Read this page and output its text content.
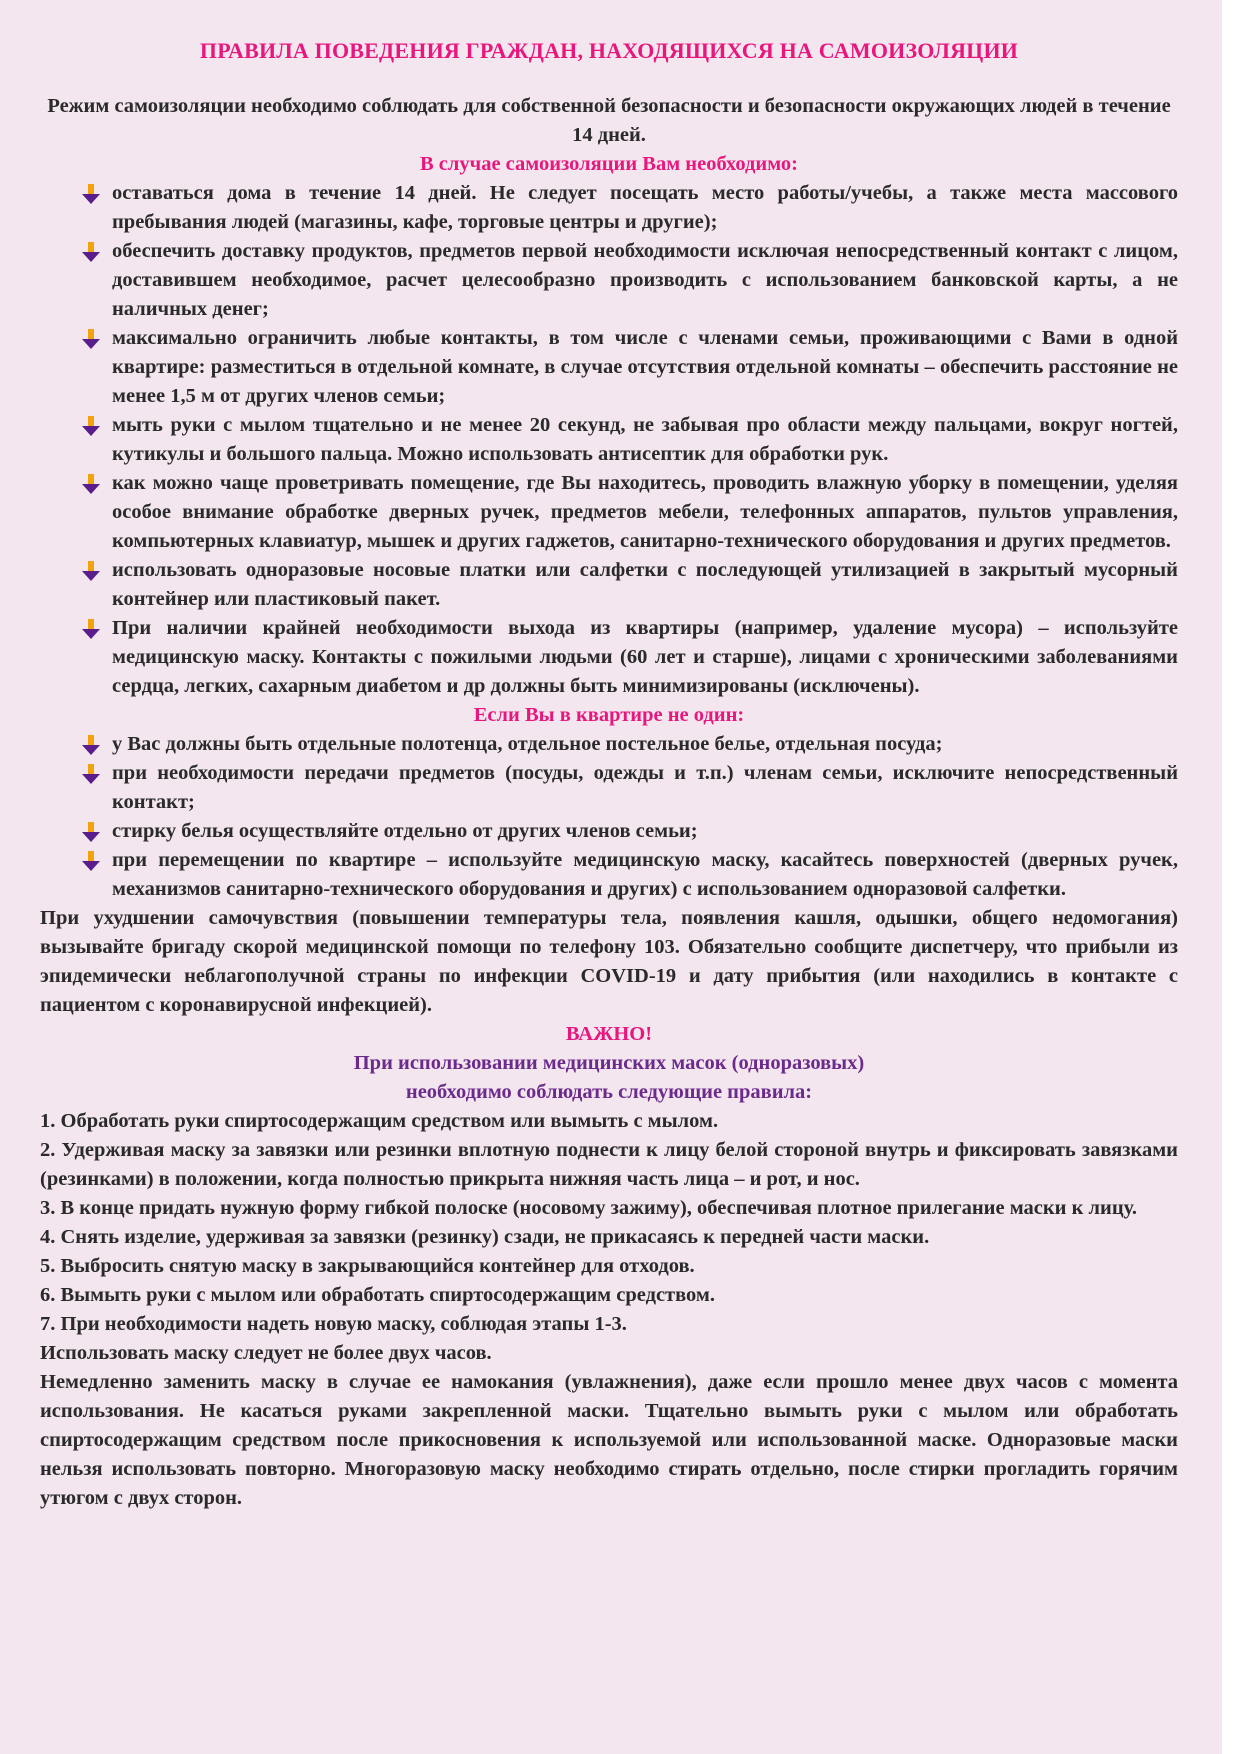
ПРАВИЛА ПОВЕДЕНИЯ ГРАЖДАН, НАХОДЯЩИХСЯ НА САМОИЗОЛЯЦИИ

Режим самоизоляции необходимо соблюдать для собственной безопасности и безопасности окружающих людей в течение 14 дней.

В случае самоизоляции Вам необходимо:

оставаться дома в течение 14 дней. Не следует посещать место работы/учебы, а также места массового пребывания людей (магазины, кафе, торговые центры и другие);
обеспечить доставку продуктов, предметов первой необходимости исключая непосредственный контакт с лицом, доставившем необходимое, расчет целесообразно производить с использованием банковской карты, а не наличных денег;
максимально ограничить любые контакты, в том числе с членами семьи, проживающими с Вами в одной квартире: разместиться в отдельной комнате, в случае отсутствия отдельной комнаты – обеспечить расстояние не менее 1,5 м от других членов семьи;
мыть руки с мылом тщательно и не менее 20 секунд, не забывая про области между пальцами, вокруг ногтей, кутикулы и большого пальца. Можно использовать антисептик для обработки рук.
как можно чаще проветривать помещение, где Вы находитесь, проводить влажную уборку в помещении, уделяя особое внимание обработке дверных ручек, предметов мебели, телефонных аппаратов, пультов управления, компьютерных клавиатур, мышек и других гаджетов, санитарно-технического оборудования и других предметов.
использовать одноразовые носовые платки или салфетки с последующей утилизацией в закрытый мусорный контейнер или пластиковый пакет.
При наличии крайней необходимости выхода из квартиры (например, удаление мусора) – используйте медицинскую маску. Контакты с пожилыми людьми (60 лет и старше), лицами с хроническими заболеваниями сердца, легких, сахарным диабетом и др должны быть минимизированы (исключены).

Если Вы в квартире не один:

у Вас должны быть отдельные полотенца, отдельное постельное белье, отдельная посуда;
при необходимости передачи предметов (посуды, одежды и т.п.) членам семьи, исключите непосредственный контакт;
стирку белья осуществляйте отдельно от других членов семьи;
при перемещении по квартире – используйте медицинскую маску, касайтесь поверхностей (дверных ручек, механизмов санитарно-технического оборудования и других) с использованием одноразовой салфетки.

При ухудшении самочувствия (повышении температуры тела, появления кашля, одышки, общего недомогания) вызывайте бригаду скорой медицинской помощи по телефону 103. Обязательно сообщите диспетчеру, что прибыли из эпидемически неблагополучной страны по инфекции COVID-19 и дату прибытия (или находились в контакте с пациентом с коронавирусной инфекцией).

ВАЖНО!

При использовании медицинских масок (одноразовых)

необходимо соблюдать следующие правила:

1. Обработать руки спиртосодержащим средством или вымыть с мылом.

2. Удерживая маску за завязки или резинки вплотную поднести к лицу белой стороной внутрь и фиксировать завязками (резинками) в положении, когда полностью прикрыта нижняя часть лица – и рот, и нос.

3. В конце придать нужную форму гибкой полоске (носовому зажиму), обеспечивая плотное прилегание маски к лицу.

4. Снять изделие, удерживая за завязки (резинку) сзади, не прикасаясь к передней части маски.

5. Выбросить снятую маску в закрывающийся контейнер для отходов.

6. Вымыть руки с мылом или обработать спиртосодержащим средством.

7. При необходимости надеть новую маску, соблюдая этапы 1-3.

Использовать маску следует не более двух часов.

Немедленно заменить маску в случае ее намокания (увлажнения), даже если прошло менее двух часов с момента использования. Не касаться руками закрепленной маски. Тщательно вымыть руки с мылом или обработать спиртосодержащим средством после прикосновения к используемой или использованной маске. Одноразовые маски нельзя использовать повторно. Многоразовую маску необходимо стирать отдельно, после стирки прогладить горячим утюгом с двух сторон.
